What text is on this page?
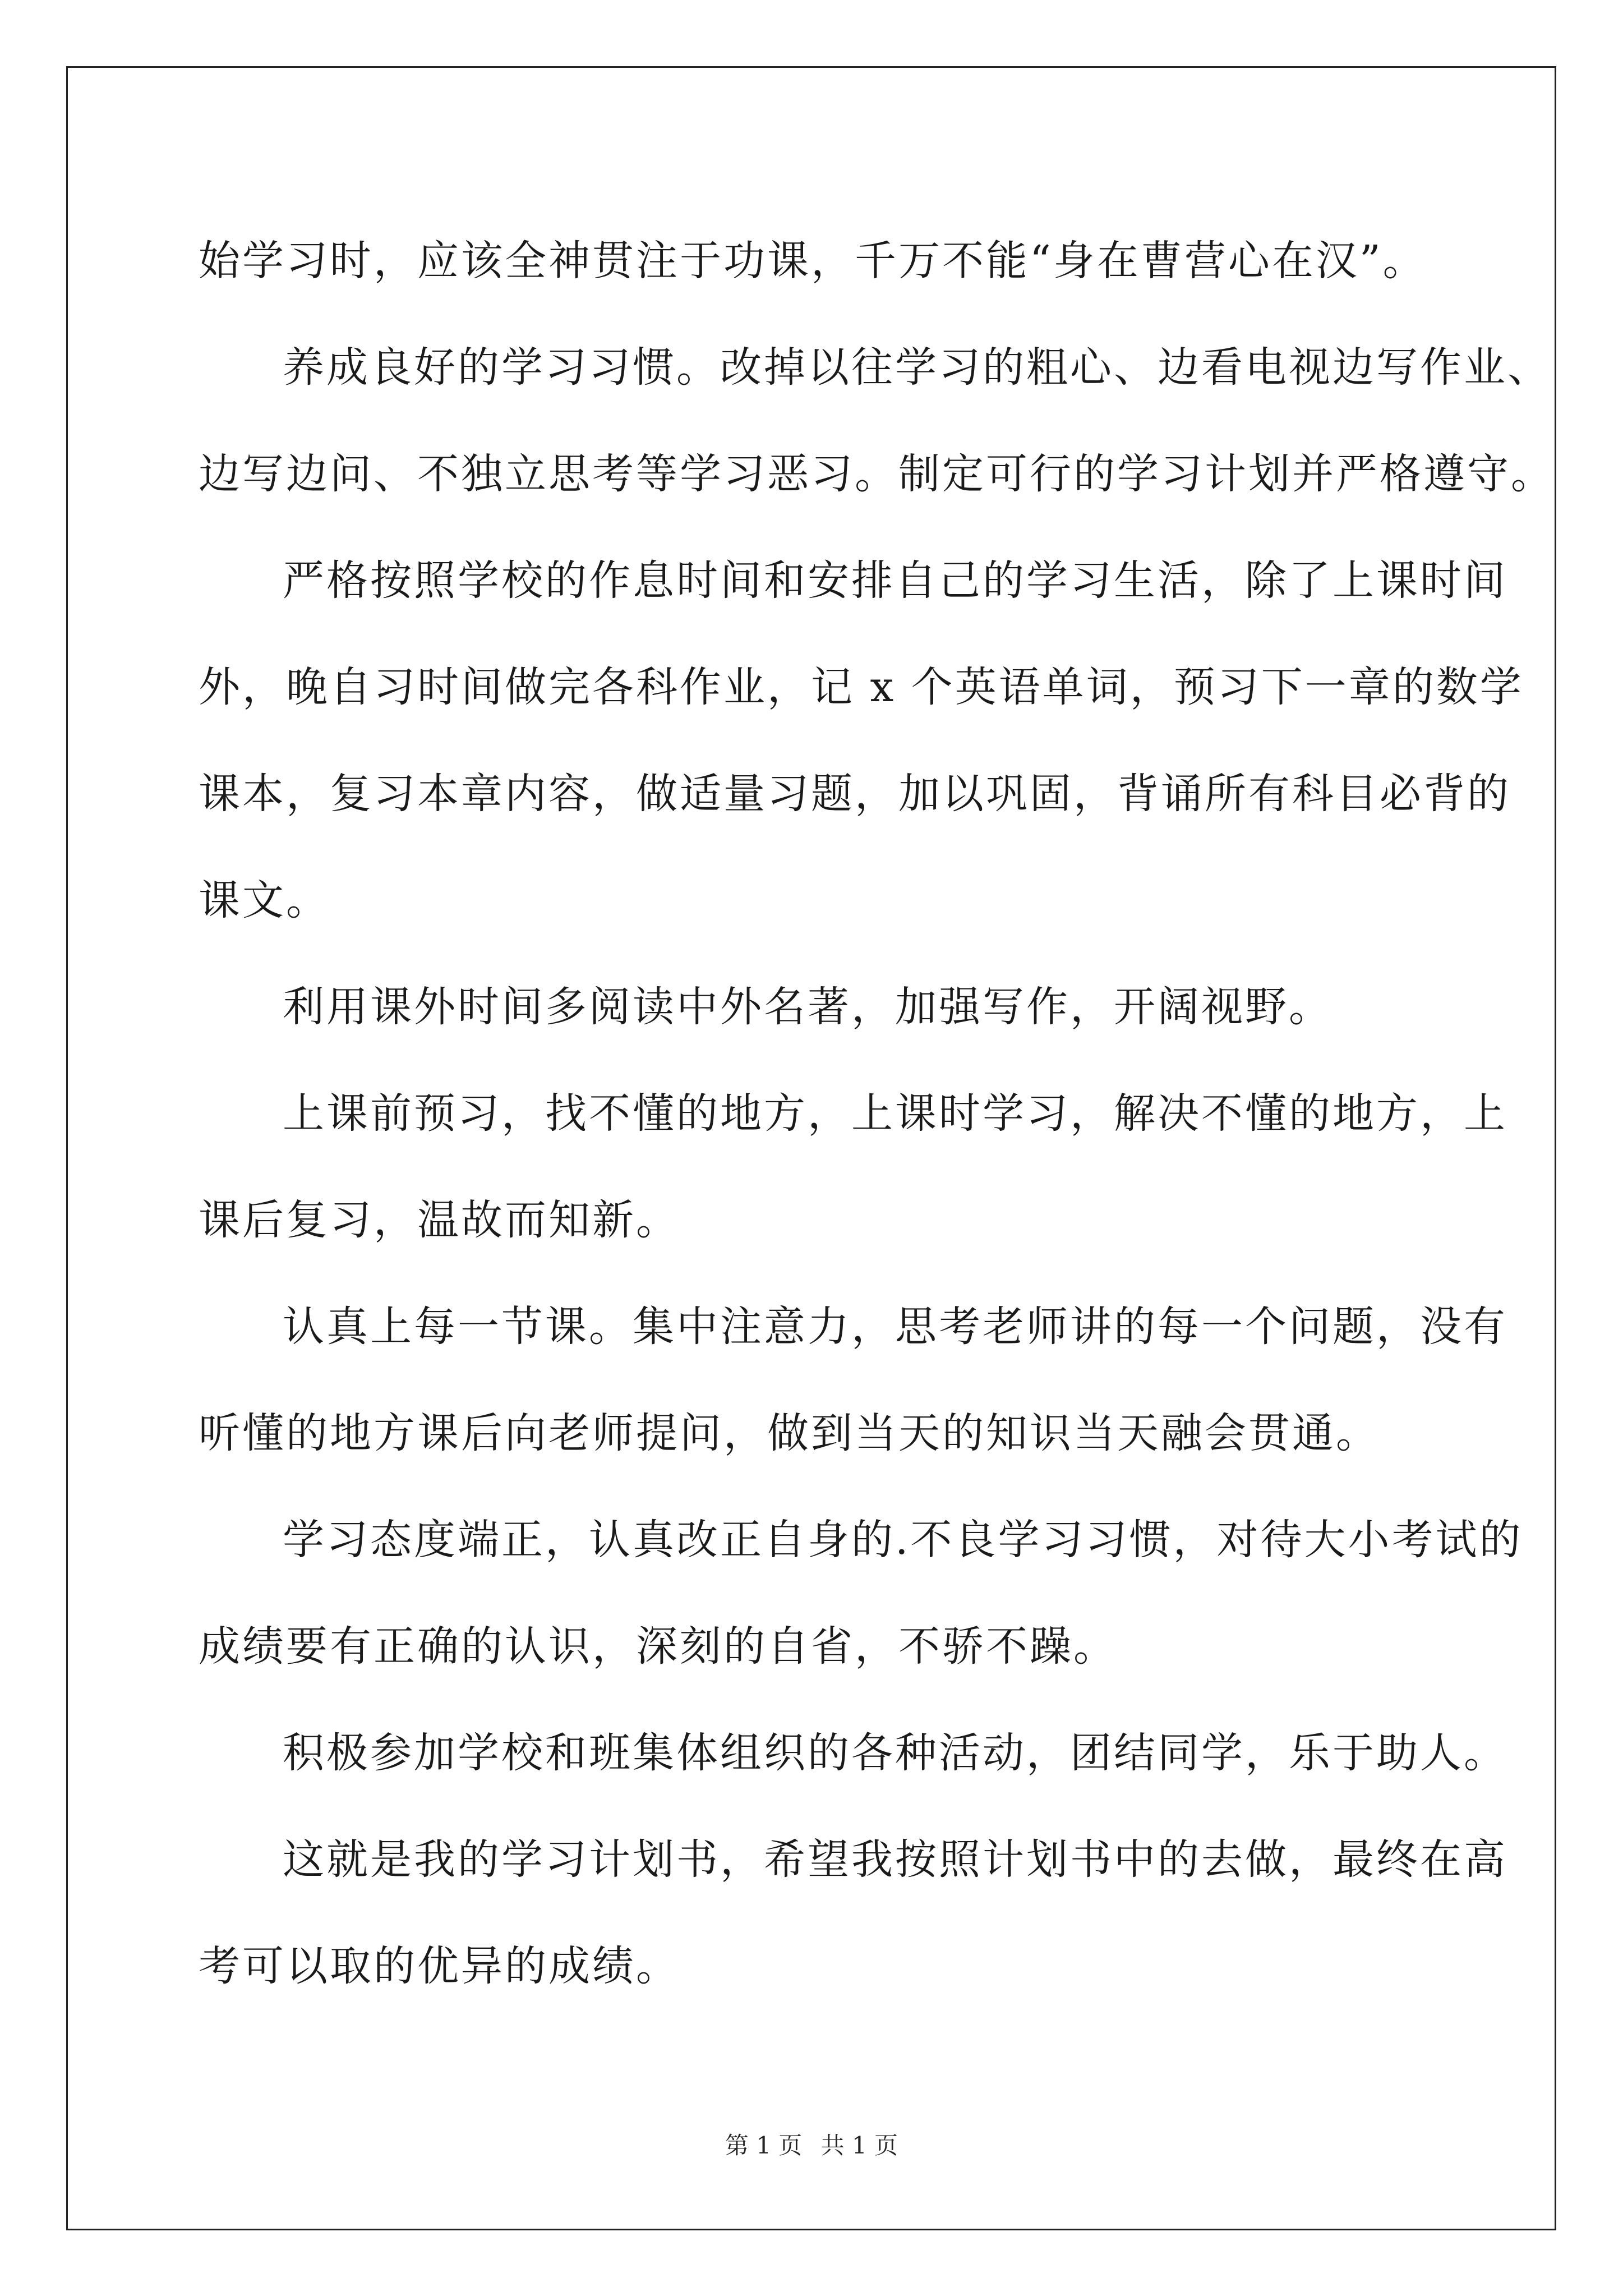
始学习时，应该全神贯注于功课，千万不能“身在曹营心在汉”。
养成良好的学习习惯。改掉以往学习的粗心、边看电视边写作业、
边写边问、不独立思考等学习恶习。制定可行的学习计划并严格遵守。
严格按照学校的作息时间和安排自己的学习生活，除了上课时间
外，晚自习时间做完各科作业，记 x 个英语单词，预习下一章的数学
课本，复习本章内容，做适量习题，加以巩固，背诵所有科目必背的
课文。
利用课外时间多阅读中外名著，加强写作，开阔视野。
上课前预习，找不懂的地方，上课时学习，解决不懂的地方，上
课后复习，温故而知新。
认真上每一节课。集中注意力，思考老师讲的每一个问题，没有
听懂的地方课后向老师提问，做到当天的知识当天融会贯通。
学习态度端正，认真改正自身的.不良学习习惯，对待大小考试的
成绩要有正确的认识，深刻的自省，不骄不躁。
积极参加学校和班集体组织的各种活动，团结同学，乐于助人。
这就是我的学习计划书，希望我按照计划书中的去做，最终在高
考可以取的优异的成绩。
第 1 页 共 1 页
